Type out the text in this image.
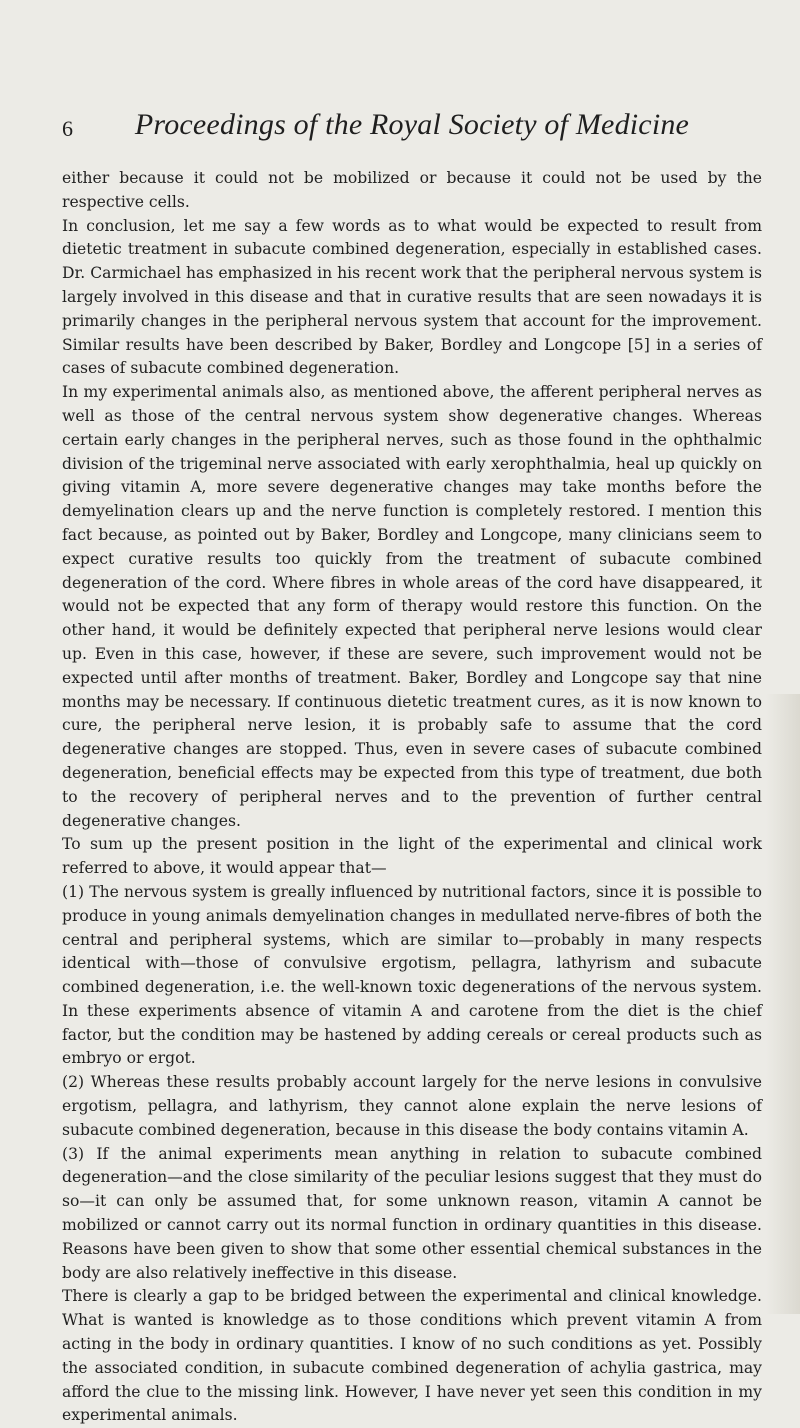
6	Proceedings of the Royal Society of Medicine

either because it could not be mobilized or because it could not be used by the respective cells.

In conclusion, let me say a few words as to what would be expected to result from dietetic treatment in subacute combined degeneration, especially in established cases. Dr. Carmichael has emphasized in his recent work that the peripheral nervous system is largely involved in this disease and that in curative results that are seen nowadays it is primarily changes in the peripheral nervous system that account for the improvement. Similar results have been described by Baker, Bordley and Longcope [5] in a series of cases of subacute combined degeneration.

In my experimental animals also, as mentioned above, the afferent peripheral nerves as well as those of the central nervous system show degenerative changes. Whereas certain early changes in the peripheral nerves, such as those found in the ophthalmic division of the trigeminal nerve associated with early xerophthalmia, heal up quickly on giving vitamin A, more severe degenerative changes may take months before the demyelination clears up and the nerve function is completely restored. I mention this fact because, as pointed out by Baker, Bordley and Longcope, many clinicians seem to expect curative results too quickly from the treatment of subacute combined degeneration of the cord. Where fibres in whole areas of the cord have disappeared, it would not be expected that any form of therapy would restore this function. On the other hand, it would be definitely expected that peripheral nerve lesions would clear up. Even in this case, however, if these are severe, such improvement would not be expected until after months of treatment. Baker, Bordley and Longcope say that nine months may be necessary. If continuous dietetic treatment cures, as it is now known to cure, the peripheral nerve lesion, it is probably safe to assume that the cord degenerative changes are stopped. Thus, even in severe cases of subacute combined degeneration, beneficial effects may be expected from this type of treatment, due both to the recovery of peripheral nerves and to the prevention of further central degenerative changes.

To sum up the present position in the light of the experimental and clinical work referred to above, it would appear that—

(1) The nervous system is greally influenced by nutritional factors, since it is possible to produce in young animals demyelination changes in medullated nerve-fibres of both the central and peripheral systems, which are similar to—probably in many respects identical with—those of convulsive ergotism, pellagra, lathyrism and subacute combined degeneration, i.e. the well-known toxic degenerations of the nervous system. In these experiments absence of vitamin A and carotene from the diet is the chief factor, but the condition may be hastened by adding cereals or cereal products such as embryo or ergot.

(2) Whereas these results probably account largely for the nerve lesions in convulsive ergotism, pellagra, and lathyrism, they cannot alone explain the nerve lesions of subacute combined degeneration, because in this disease the body contains vitamin A.

(3) If the animal experiments mean anything in relation to subacute combined degeneration—and the close similarity of the peculiar lesions suggest that they must do so—it can only be assumed that, for some unknown reason, vitamin A cannot be mobilized or cannot carry out its normal function in ordinary quantities in this disease. Reasons have been given to show that some other essential chemical substances in the body are also relatively ineffective in this disease.

There is clearly a gap to be bridged between the experimental and clinical knowledge. What is wanted is knowledge as to those conditions which prevent vitamin A from acting in the body in ordinary quantities. I know of no such conditions as yet. Possibly the associated condition, in subacute combined degeneration of achylia gastrica, may afford the clue to the missing link. However, I have never yet seen this condition in my experimental animals.
